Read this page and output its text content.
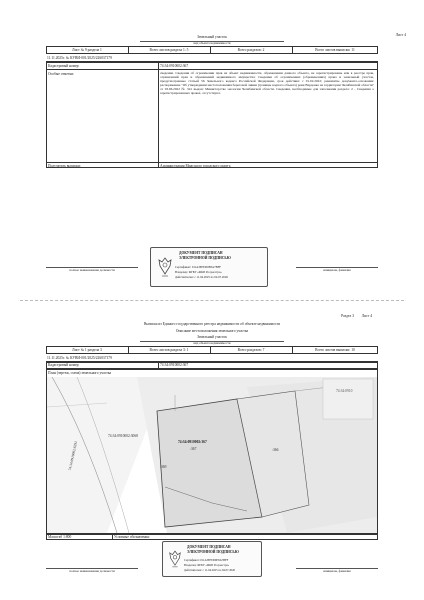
Лист 4
Земельный участок
вид объекта недвижимости
Лист № 9 раздела 1	Всего листов раздела 1: 5	Всего разделов: 2	Всего листов выписки: 11
11.11.2025г. № КУВИ-001/2025/226037179
Кадастровый номер:	74:34:0910002:367
Особые отметки:	сведения. Сведения об ограничении прав на объект недвижимости, обременении данного объекта, не зарегистрированы или в реестре прав, ограничений прав и обременений недвижимого имущества: Сведения об ограничениях (обременениях) права и земельный участок, предусмотренные статьей 56 Земельного кодекса Российской Федерации, срок действия: с 01.02.2022; реквизиты документа-основания: распоряжение "Об утверждении местоположения береговой линии (границы водного объекта) реки Вардовка на территории Челябинской области" от 03.06.2022 № 341 выдан: Министерство экологии Челябинской области. Сведения, необходимые для заполнения раздела: 2 - Сведения о зарегистрированных правах, отсутствуют.
Получатель выписки:	Администрация Миасского городского округа
полное наименование должности	инициалы, фамилия
ДОКУМЕНТ ПОДПИСАН
ЭЛЕКТРОННОЙ ПОДПИСЬЮ
Сертификат: 011A3B7D00E8A7BFF
Владелец: ФГБУ «ФКП Росреестра»
Действителен: с 11.04.2025 по 04.07.2026
Раздел 3 Лист 4
Выписка из Единого государственного реестра недвижимости об объекте недвижимости
Описание местоположения земельного участка
Земельный участок
вид объекта недвижимости
Лист № 1 раздела 3	Всего листов раздела 3: 1	Всего разделов: 7	Всего листов выписки: 10
11.11.2025г. № КУВИ-001/2025/226037179
Кадастровый номер:	74:34:0910002:367
План (чертеж, схема) земельного участка
74:34:0910
74:34:0910002:6291
74:34:0910002:3068
74:34:0910002:367
:367	:366
:369
Масштаб 1:800	Условные обозначения:
полное наименование должности	инициалы, фамилия
ДОКУМЕНТ ПОДПИСАН
ЭЛЕКТРОННОЙ ПОДПИСЬЮ
Сертификат: 011A3B7D00E8A7BFF
Владелец: ФГБУ «ФКП Росреестра»
Действителен: с 11.04.2025 по 04.07.2026
